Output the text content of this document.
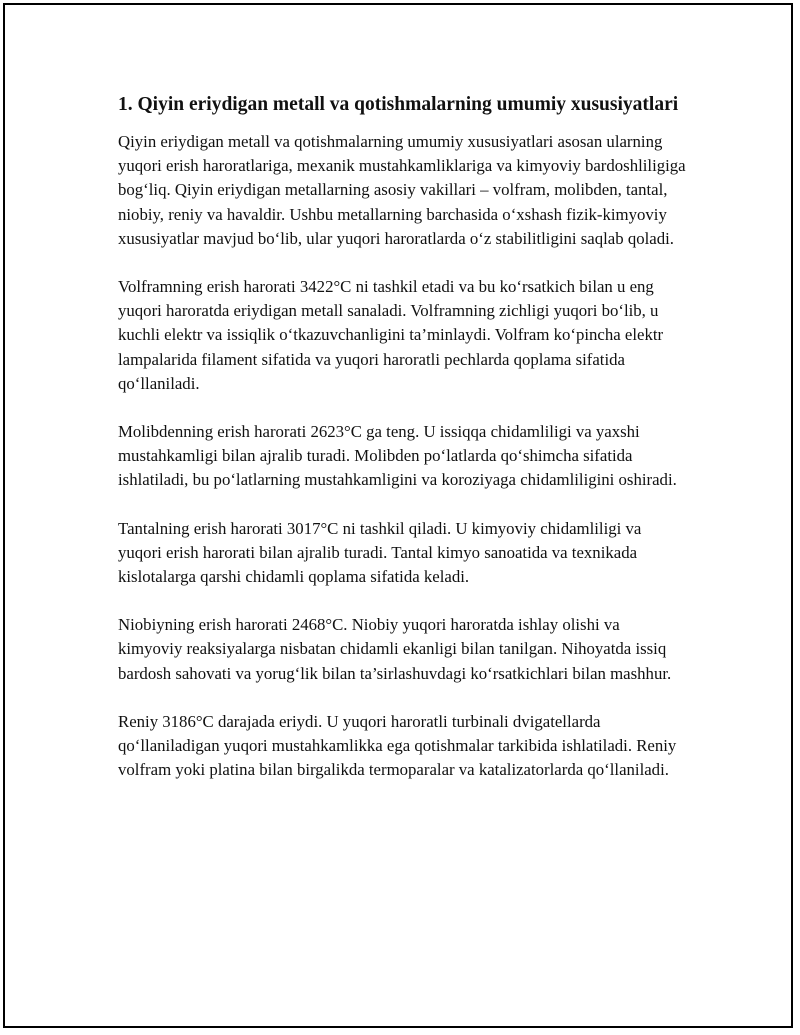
1. Qiyin eriydigan metall va qotishmalarning umumiy xususiyatlari

Qiyin eriydigan metall va qotishmalarning umumiy xususiyatlari asosan ularning yuqori erish haroratlariga, mexanik mustahkamliklariga va kimyoviy bardoshliligiga bog‘liq. Qiyin eriydigan metallarning asosiy vakillari – volfram, molibden, tantal, niobiy, reniy va havaldir. Ushbu metallarning barchasida o‘xshash fizik-kimyoviy xususiyatlar mavjud bo‘lib, ular yuqori haroratlarda o‘z stabilitligini saqlab qoladi.

Volframning erish harorati 3422°C ni tashkil etadi va bu ko‘rsatkich bilan u eng yuqori haroratda eriydigan metall sanaladi. Volframning zichligi yuqori bo‘lib, u kuchli elektr va issiqlik o‘tkazuvchanligini ta’minlaydi. Volfram ko‘pincha elektr lampalarida filament sifatida va yuqori haroratli pechlarda qoplama sifatida qo‘llaniladi.

Molibdenning erish harorati 2623°C ga teng. U issiqqa chidamliligi va yaxshi mustahkamligi bilan ajralib turadi. Molibden po‘latlarda qo‘shimcha sifatida ishlatiladi, bu po‘latlarning mustahkamligini va koroziyaga chidamliligini oshiradi.

Tantalning erish harorati 3017°C ni tashkil qiladi. U kimyoviy chidamliligi va yuqori erish harorati bilan ajralib turadi. Tantal kimyo sanoatida va texnikada kislotalarga qarshi chidamli qoplama sifatida keladi.

Niobiyning erish harorati 2468°C. Niobiy yuqori haroratda ishlay olishi va kimyoviy reaksiyalarga nisbatan chidamli ekanligi bilan tanilgan. Nihoyatda issiq bardosh sahovati va yorug‘lik bilan ta’sirlashuvdagi ko‘rsatkichlari bilan mashhur.

Reniy 3186°C darajada eriydi. U yuqori haroratli turbinali dvigatellarda qo‘llaniladigan yuqori mustahkamlikka ega qotishmalar tarkibida ishlatiladi. Reniy volfram yoki platina bilan birgalikda termoparalar va katalizatorlarda qo‘llaniladi.
